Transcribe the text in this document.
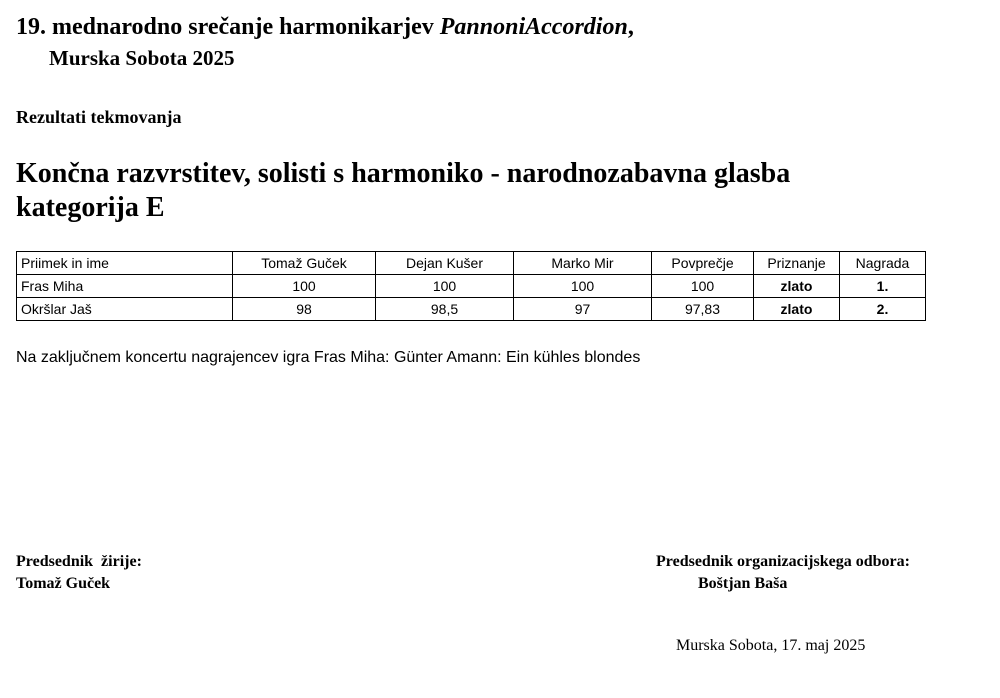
19. mednarodno srečanje harmonikarjev PannoniAccordion,
Murska Sobota 2025
Rezultati tekmovanja
Končna razvrstitev, solisti s harmoniko - narodnozabavna glasba kategorija E
Priimek in ime	Tomaž Guček	Dejan Kušer	Marko Mir	Povprečje	Priznanje	Nagrada
Fras Miha	100	100	100	100	zlato	1.
Okršlar Jaš	98	98,5	97	97,83	zlato	2.
Na zaključnem koncertu nagrajencev igra Fras Miha: Günter Amann: Ein kühles blondes
Predsednik  žirije:
Tomaž Guček
Predsednik organizacijskega odbora:
Boštjan Baša
Murska Sobota, 17. maj 2025
